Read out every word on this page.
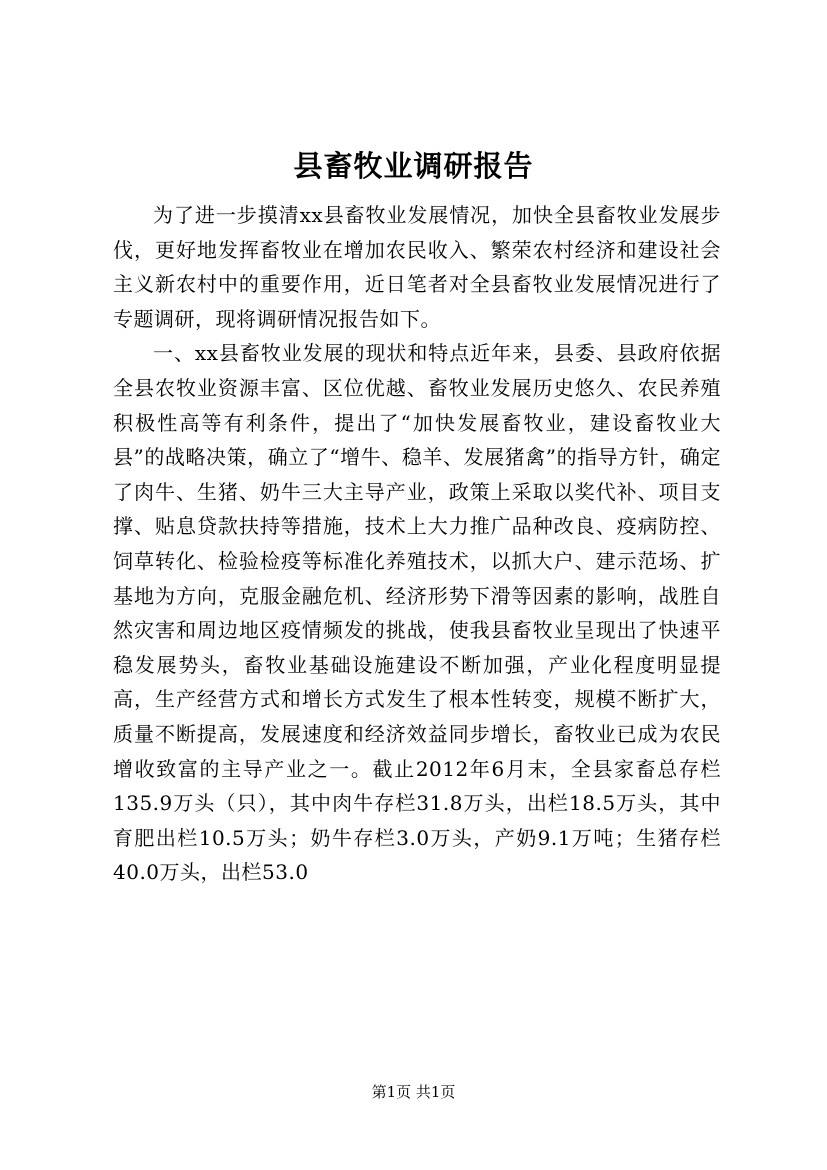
县畜牧业调研报告

为了进一步摸清xx县畜牧业发展情况，加快全县畜牧业发展步伐，更好地发挥畜牧业在增加农民收入、繁荣农村经济和建设社会主义新农村中的重要作用，近日笔者对全县畜牧业发展情况进行了专题调研，现将调研情况报告如下。

一、xx县畜牧业发展的现状和特点近年来，县委、县政府依据全县农牧业资源丰富、区位优越、畜牧业发展历史悠久、农民养殖积极性高等有利条件，提出了“加快发展畜牧业，建设畜牧业大县”的战略决策，确立了“增牛、稳羊、发展猪禽”的指导方针，确定了肉牛、生猪、奶牛三大主导产业，政策上采取以奖代补、项目支撑、贴息贷款扶持等措施，技术上大力推广品种改良、疫病防控、饲草转化、检验检疫等标准化养殖技术，以抓大户、建示范场、扩基地为方向，克服金融危机、经济形势下滑等因素的影响，战胜自然灾害和周边地区疫情频发的挑战，使我县畜牧业呈现出了快速平稳发展势头，畜牧业基础设施建设不断加强，产业化程度明显提高，生产经营方式和增长方式发生了根本性转变，规模不断扩大，质量不断提高，发展速度和经济效益同步增长，畜牧业已成为农民增收致富的主导产业之一。截止2012年6月末，全县家畜总存栏135.9万头（只），其中肉牛存栏31.8万头，出栏18.5万头，其中育肥出栏10.5万头；奶牛存栏3.0万头，产奶9.1万吨；生猪存栏40.0万头，出栏53.0

第1页 共1页
